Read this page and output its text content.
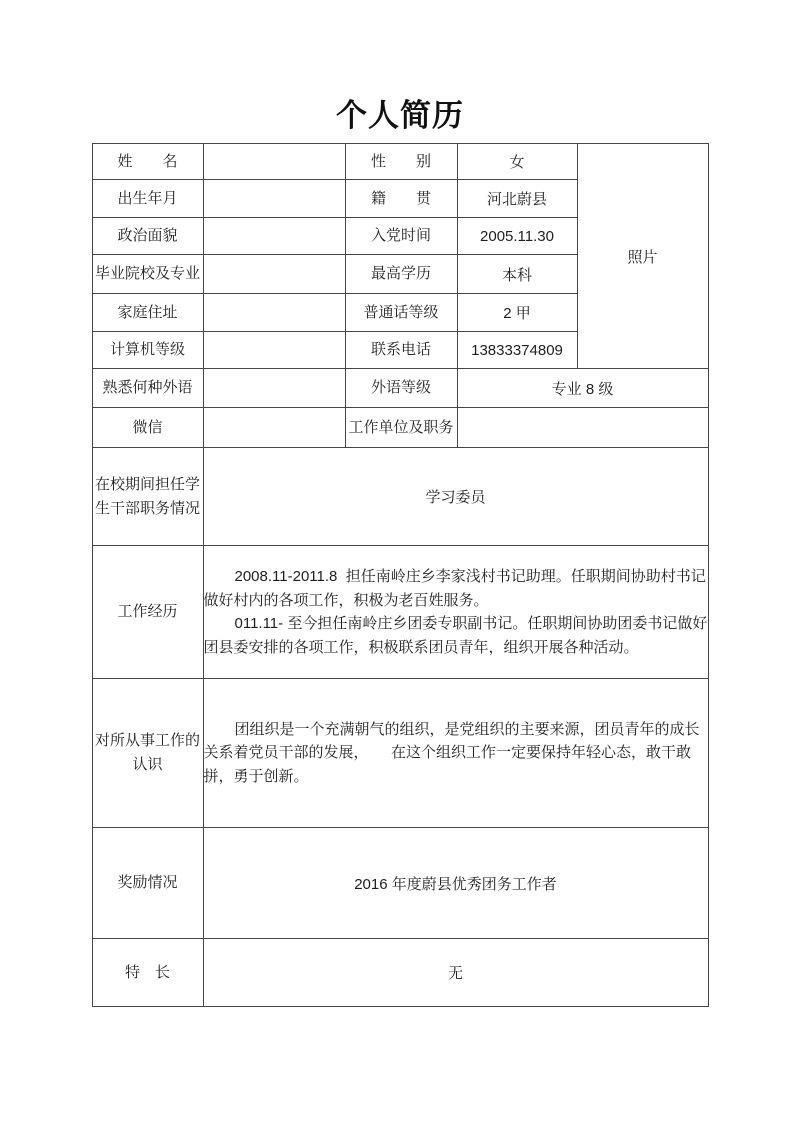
个人简历
姓　　名		性　　别	女	照片
出生年月		籍　　贯	河北蔚县	
政治面貌		入党时间	2005.11.30	
毕业院校及专业		最高学历	本科	
家庭住址		普通话等级	2 甲	
计算机等级		联系电话	13833374809	
熟悉何种外语		外语等级	专业 8 级	
微信		工作单位及职务		
在校期间担任学生干部职务情况	学习委员			
工作经历	2008.11-2011.8  担任南岭庄乡李家浅村书记助理。任职期间协助村书记做好村内的各项工作，积极为老百姓服务。

011.11- 至今担任南岭庄乡团委专职副书记。任职期间协助团委书记做好团县委安排的各项工作，积极联系团员青年，组织开展各种活动。			

对所从事工作的认识	团组织是一个充满朝气的组织，是党组织的主要来源，团员青年的成长关系着党员干部的发展，　　在这个组织工作一定要保持年轻心态，敢干敢拼，勇于创新。			

奖励情况	2016 年度蔚县优秀团务工作者			
特　长	无			
